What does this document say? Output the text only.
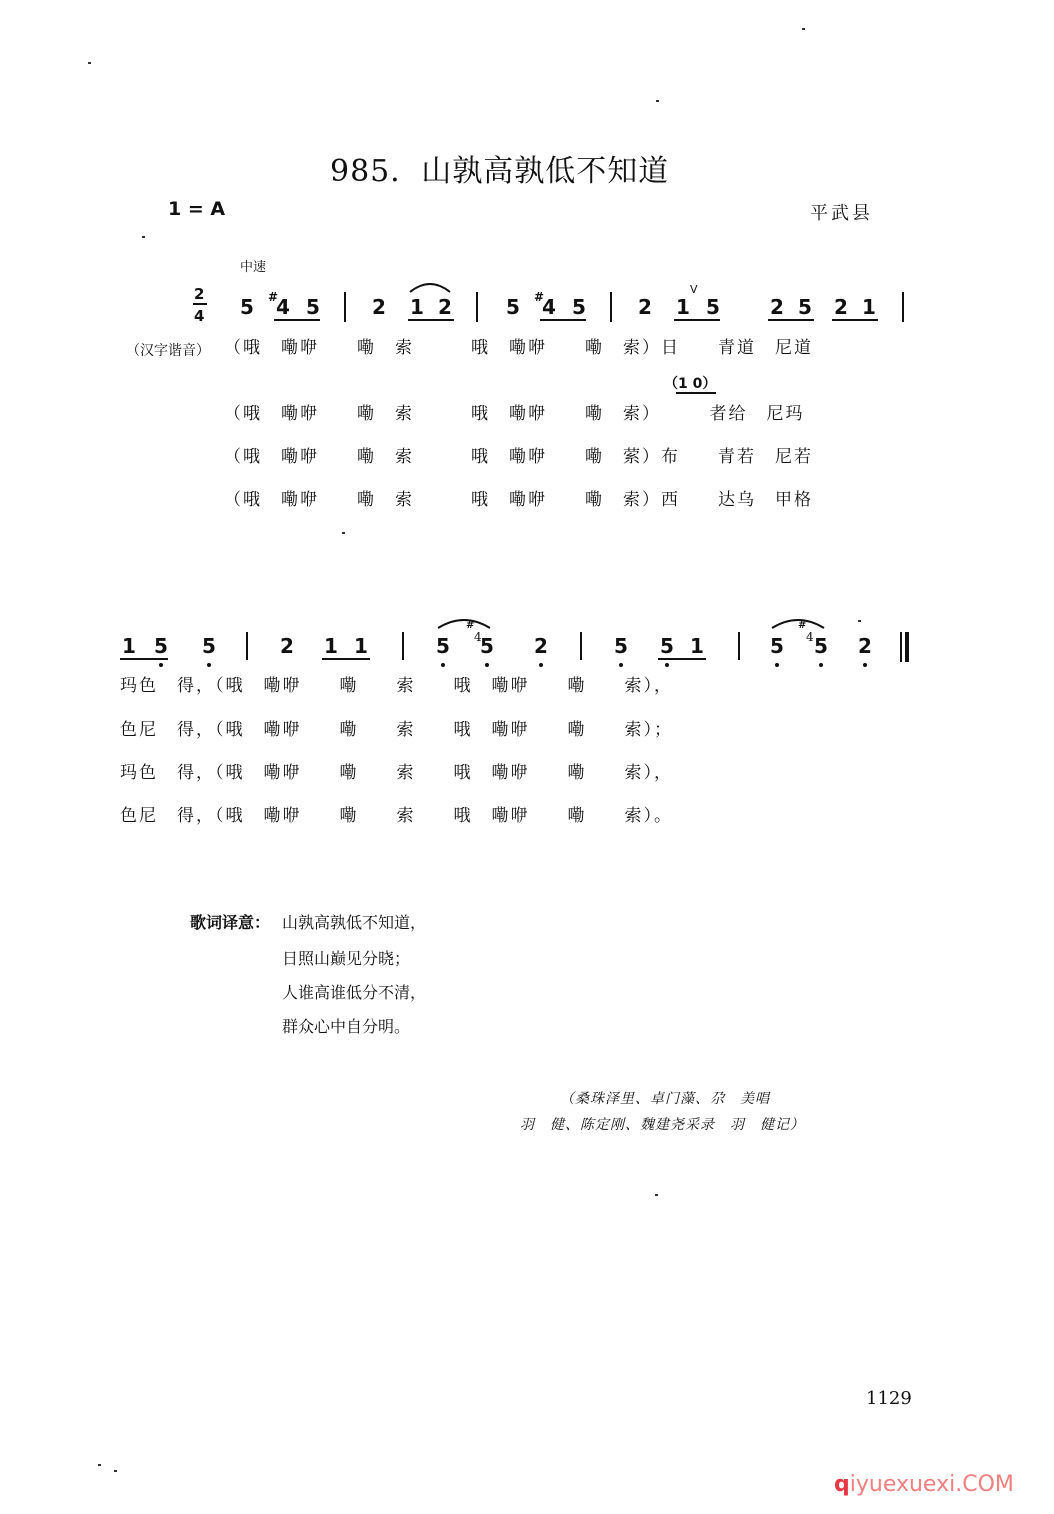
985．山孰高孰低不知道
1 = A	平武县
中速
2
4 5 #
4 5	2 1 2	5 #
4 5	2 1 5
V
2 5 2 1
（汉字谐音） （哦　嘞咿　　嘞　索　　　哦　嘞咿　　嘞　索）日　　青道　尼道
（1 0）
（哦　嘞咿　　嘞　索　　　哦　嘞咿　　嘞　索）　　　者给　尼玛
（哦　嘞咿　　嘞　索　　　哦　嘞咿　　嘞　萦）布　　青若　尼若
（哦　嘞咿　　嘞　索　　　哦　嘞咿　　嘞　索）西　　达乌　甲格
1 5 5	2 1 1	5
#
4
5 2	5 5 1	5
#
4 5 2
玛色　得，（哦　嘞咿　　嘞　　索　　哦　嘞咿　　嘞　　索），
色尼　得，（哦　嘞咿　　嘞　　索　　哦　嘞咿　　嘞　　索）；
玛色　得，（哦　嘞咿　　嘞　　索　　哦　嘞咿　　嘞　　索），
色尼　得，（哦　嘞咿　　嘞　　索　　哦　嘞咿　　嘞　　索）。
歌词译意： 山孰高孰低不知道，
日照山巅见分晓；
人谁高谁低分不清，
群众心中自分明。
（桑珠泽里、卓门藻、尕　美唱
羽　健、陈定刚、魏建尧采录　羽　健记）
1129
qiyuexuexi.COM
